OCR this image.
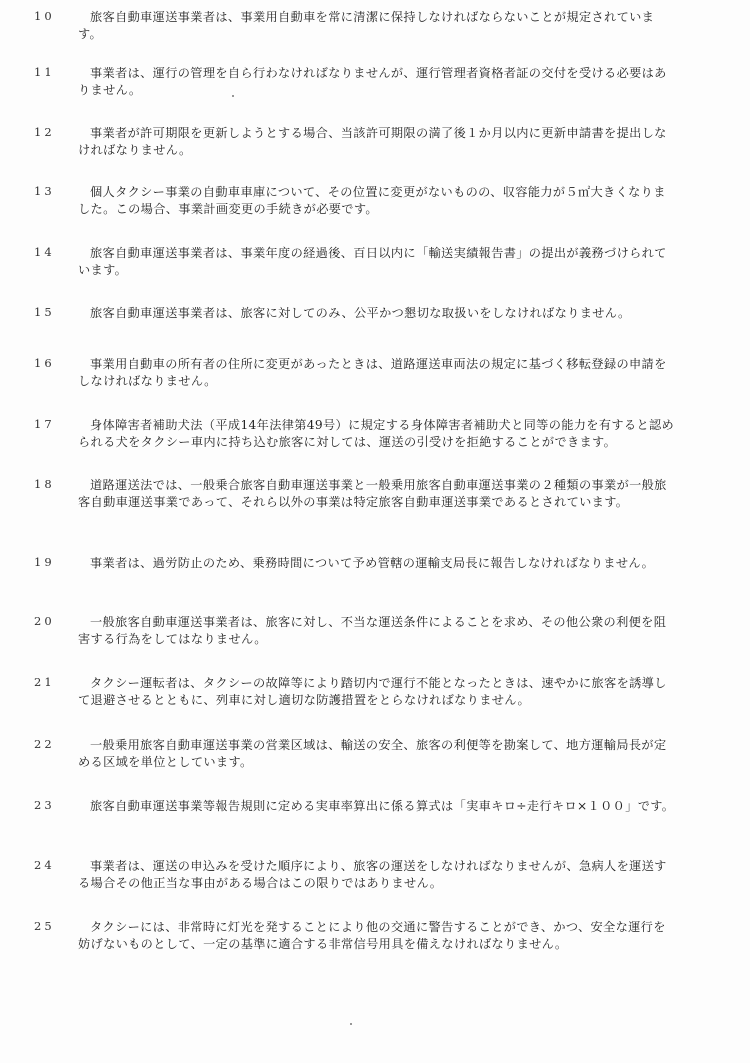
10	旅客自動車運送事業者は、事業用自動車を常に清潔に保持しなければならないことが規定されています。
11	事業者は、運行の管理を自ら行わなければなりませんが、運行管理者資格者証の交付を受ける必要はありません。
12	事業者が許可期限を更新しようとする場合、当該許可期限の満了後１か月以内に更新申請書を提出しなければなりません。
13	個人タクシー事業の自動車車庫について、その位置に変更がないものの、収容能力が５㎡大きくなりました。この場合、事業計画変更の手続きが必要です。
14	旅客自動車運送事業者は、事業年度の経過後、百日以内に「輸送実績報告書」の提出が義務づけられています。
15	旅客自動車運送事業者は、旅客に対してのみ、公平かつ懇切な取扱いをしなければなりません。
16	事業用自動車の所有者の住所に変更があったときは、道路運送車両法の規定に基づく移転登録の申請をしなければなりません。
17	身体障害者補助犬法（平成14年法律第49号）に規定する身体障害者補助犬と同等の能力を有すると認められる犬をタクシー車内に持ち込む旅客に対しては、運送の引受けを拒絶することができます。
18	道路運送法では、一般乗合旅客自動車運送事業と一般乗用旅客自動車運送事業の２種類の事業が一般旅客自動車運送事業であって、それら以外の事業は特定旅客自動車運送事業であるとされています。
19	事業者は、過労防止のため、乗務時間について予め管轄の運輸支局長に報告しなければなりません。
20	一般旅客自動車運送事業者は、旅客に対し、不当な運送条件によることを求め、その他公衆の利便を阻害する行為をしてはなりません。
21	タクシー運転者は、タクシーの故障等により踏切内で運行不能となったときは、速やかに旅客を誘導して退避させるとともに、列車に対し適切な防護措置をとらなければなりません。
22	一般乗用旅客自動車運送事業の営業区域は、輸送の安全、旅客の利便等を勘案して、地方運輸局長が定める区域を単位としています。
23	旅客自動車運送事業等報告規則に定める実車率算出に係る算式は「実車キロ÷走行キロ×１００」です。
24	事業者は、運送の申込みを受けた順序により、旅客の運送をしなければなりませんが、急病人を運送する場合その他正当な事由がある場合はこの限りではありません。
25	タクシーには、非常時に灯光を発することにより他の交通に警告することができ、かつ、安全な運行を妨げないものとして、一定の基準に適合する非常信号用具を備えなければなりません。
